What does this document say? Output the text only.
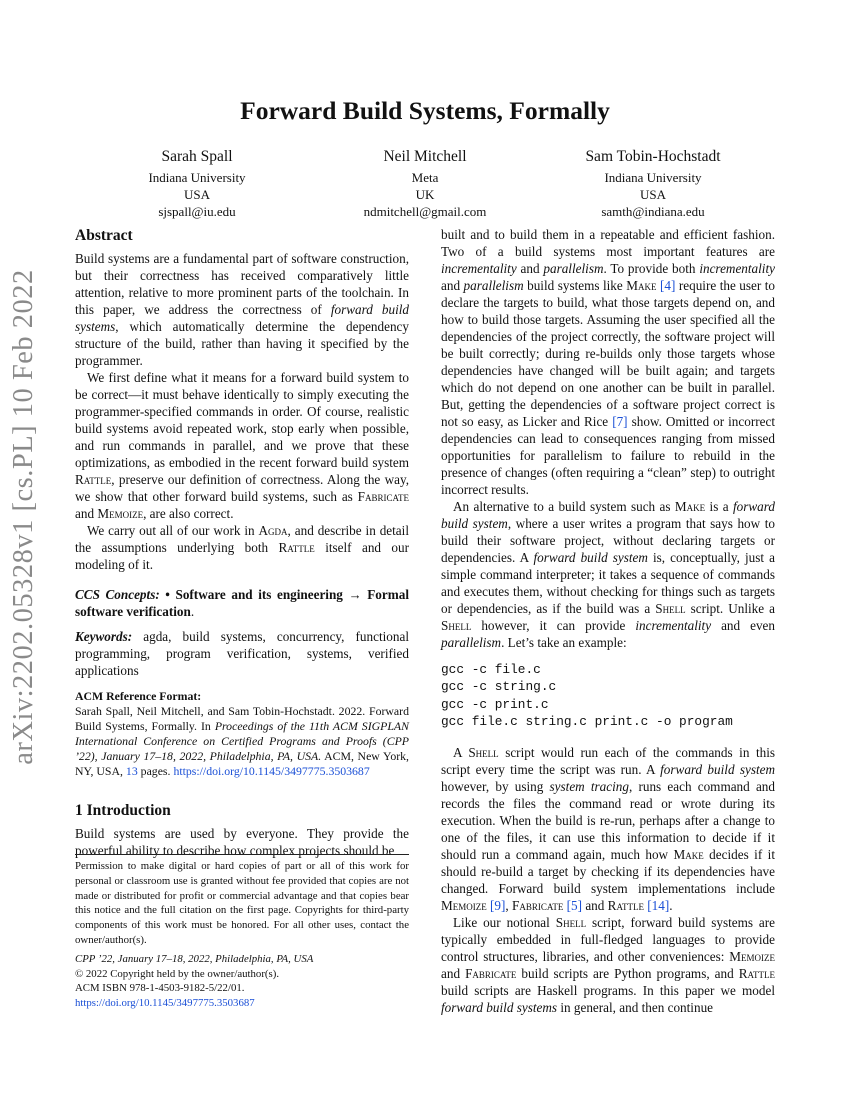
arXiv:2202.05328v1 [cs.PL] 10 Feb 2022
Forward Build Systems, Formally
Sarah Spall
Indiana University
USA
sjspall@iu.edu
Neil Mitchell
Meta
UK
ndmitchell@gmail.com
Sam Tobin-Hochstadt
Indiana University
USA
samth@indiana.edu
Abstract

Build systems are a fundamental part of software construction, but their correctness has received comparatively little attention, relative to more prominent parts of the toolchain. In this paper, we address the correctness of forward build systems, which automatically determine the dependency structure of the build, rather than having it specified by the programmer.

We first define what it means for a forward build system to be correct—it must behave identically to simply executing the programmer-specified commands in order. Of course, realistic build systems avoid repeated work, stop early when possible, and run commands in parallel, and we prove that these optimizations, as embodied in the recent forward build system Rattle, preserve our definition of correctness. Along the way, we show that other forward build systems, such as Fabricate and Memoize, are also correct.

We carry out all of our work in Agda, and describe in detail the assumptions underlying both Rattle itself and our modeling of it.

CCS Concepts: • Software and its engineering → Formal software verification.

Keywords: agda, build systems, concurrency, functional programming, program verification, systems, verified applications

ACM Reference Format:
Sarah Spall, Neil Mitchell, and Sam Tobin-Hochstadt. 2022. Forward Build Systems, Formally. In Proceedings of the 11th ACM SIGPLAN International Conference on Certified Programs and Proofs (CPP ’22), January 17–18, 2022, Philadelphia, PA, USA. ACM, New York, NY, USA, 13 pages. https://doi.org/10.1145/3497775.3503687

1 Introduction

Build systems are used by everyone. They provide the powerful ability to describe how complex projects should be

Permission to make digital or hard copies of part or all of this work for personal or classroom use is granted without fee provided that copies are not made or distributed for profit or commercial advantage and that copies bear this notice and the full citation on the first page. Copyrights for third-party components of this work must be honored. For all other uses, contact the owner/author(s).

CPP ’22, January 17–18, 2022, Philadelphia, PA, USA

© 2022 Copyright held by the owner/author(s).

ACM ISBN 978-1-4503-9182-5/22/01.

https://doi.org/10.1145/3497775.3503687

built and to build them in a repeatable and efficient fashion. Two of a build systems most important features are incrementality and parallelism. To provide both incrementality and parallelism build systems like Make [4] require the user to declare the targets to build, what those targets depend on, and how to build those targets. Assuming the user specified all the dependencies of the project correctly, the software project will be built correctly; during re-builds only those targets whose dependencies have changed will be built again; and targets which do not depend on one another can be built in parallel. But, getting the dependencies of a software project correct is not so easy, as Licker and Rice [7] show. Omitted or incorrect dependencies can lead to consequences ranging from missed opportunities for parallelism to failure to rebuild in the presence of changes (often requiring a “clean” step) to outright incorrect results.

An alternative to a build system such as Make is a forward build system, where a user writes a program that says how to build their software project, without declaring targets or dependencies. A forward build system is, conceptually, just a simple command interpreter; it takes a sequence of commands and executes them, without checking for things such as targets or dependencies, as if the build was a Shell script. Unlike a Shell however, it can provide incrementality and even parallelism. Let’s take an example:

gcc -c file.c
gcc -c string.c
gcc -c print.c
gcc file.c string.c print.c -o program

A Shell script would run each of the commands in this script every time the script was run. A forward build system however, by using system tracing, runs each command and records the files the command read or wrote during its execution. When the build is re-run, perhaps after a change to one of the files, it can use this information to decide if it should run a command again, much how Make decides if it should re-build a target by checking if its dependencies have changed. Forward build system implementations include Memoize [9], Fabricate [5] and Rattle [14].

Like our notional Shell script, forward build systems are typically embedded in full-fledged languages to provide control structures, libraries, and other conveniences: Memoize and Fabricate build scripts are Python programs, and Rattle build scripts are Haskell programs. In this paper we model forward build systems in general, and then continue
